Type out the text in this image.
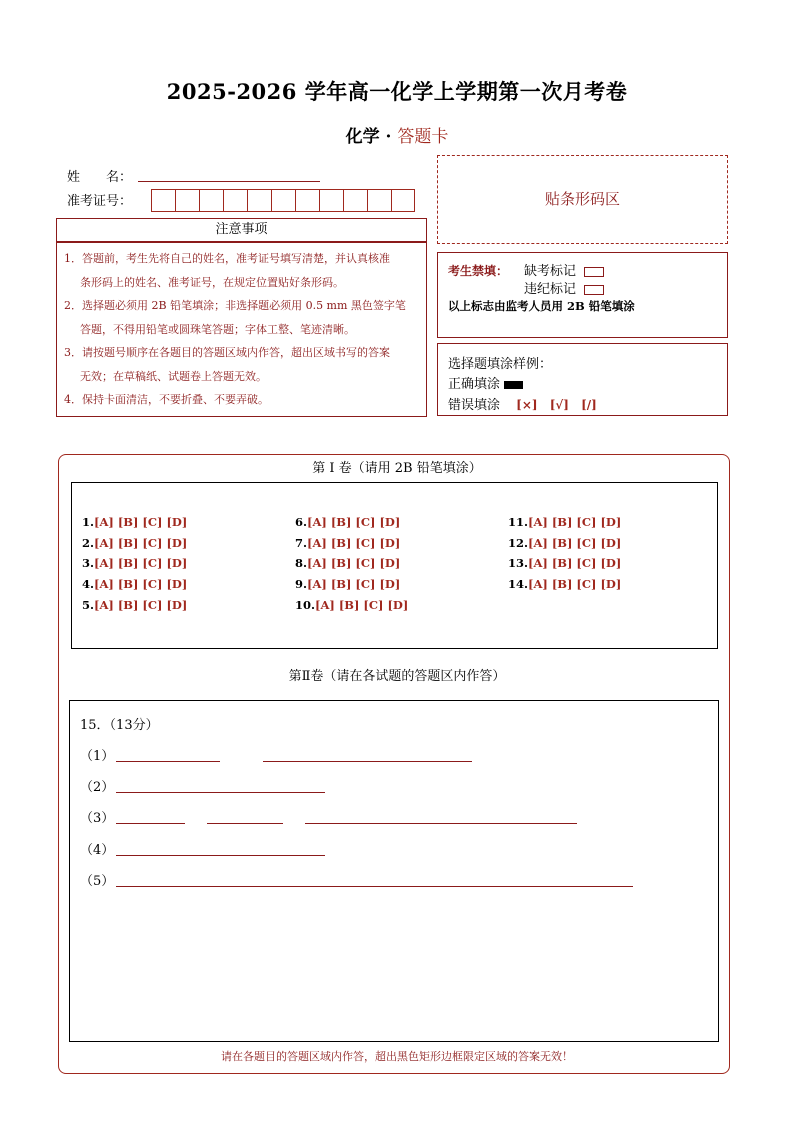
2025-2026 学年高一化学上学期第一次月考卷
化学 · 答题卡
姓　　名：
准考证号：
注意事项

1．答题前，考生先将自己的姓名，准考证号填写清楚，并认真核准
条形码上的姓名、准考证号，在规定位置贴好条形码。

2．选择题必须用 2B 铅笔填涂；非选择题必须用 0.5 mm 黑色签字笔
答题，不得用铅笔或圆珠笔答题；字体工整、笔迹清晰。

3．请按题号顺序在各题目的答题区域内作答，超出区域书写的答案
无效；在草稿纸、试题卷上答题无效。

4．保持卡面清洁，不要折叠、不要弄破。

贴条形码区
考生禁填： 缺考标记
违纪标记
以上标志由监考人员用 2B 铅笔填涂
选择题填涂样例：
正确填涂
错误填涂 [×] [√] [/]
第 I 卷（请用 2B 铅笔填涂）
1.[A] [B] [C] [D]
2.[A] [B] [C] [D]
3.[A] [B] [C] [D]
4.[A] [B] [C] [D]
5.[A] [B] [C] [D]
6.[A] [B] [C] [D]
7.[A] [B] [C] [D]
8.[A] [B] [C] [D]
9.[A] [B] [C] [D]
10.[A] [B] [C] [D]
11.[A] [B] [C] [D]
12.[A] [B] [C] [D]
13.[A] [B] [C] [D]
14.[A] [B] [C] [D]
第Ⅱ卷（请在各试题的答题区内作答）
15．（13分）
（1）
（2）
（3）
（4）
（5）
请在各题目的答题区域内作答，超出黑色矩形边框限定区域的答案无效！
